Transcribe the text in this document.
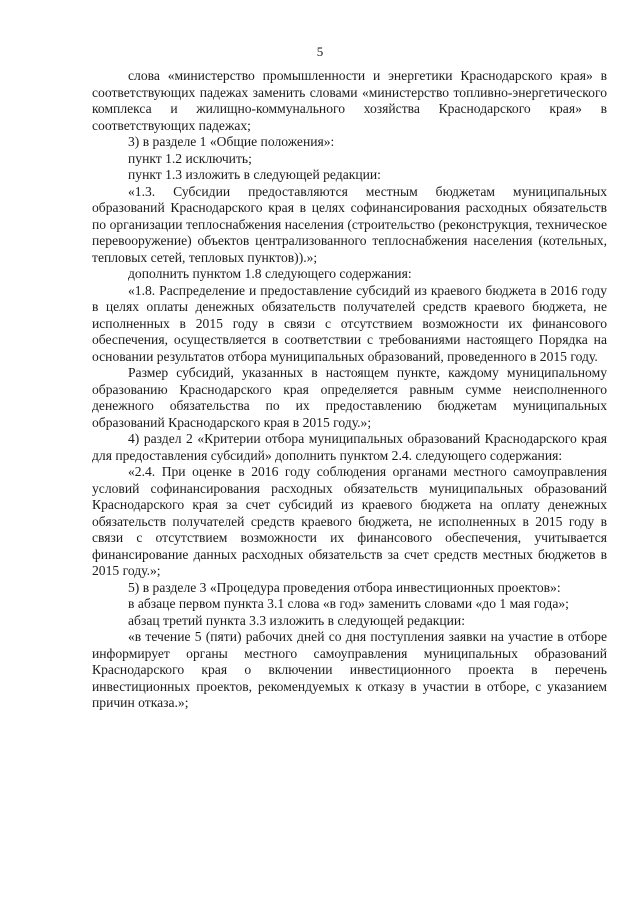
5

слова «министерство промышленности и энергетики Краснодарского края» в соответствующих падежах заменить словами «министерство топливно-энергетического комплекса и жилищно-коммунального хозяйства Краснодарского края» в соответствующих падежах;

3) в разделе 1 «Общие положения»:

пункт 1.2 исключить;

пункт 1.3 изложить в следующей редакции:

«1.3. Субсидии предоставляются местным бюджетам муниципальных образований Краснодарского края в целях софинансирования расходных обязательств по организации теплоснабжения населения (строительство (реконструкция, техническое перевооружение) объектов централизованного теплоснабжения населения (котельных, тепловых сетей, тепловых пунктов)).»;

дополнить пунктом 1.8 следующего содержания:

«1.8. Распределение и предоставление субсидий из краевого бюджета в 2016 году в целях оплаты денежных обязательств получателей средств краевого бюджета, не исполненных в 2015 году в связи с отсутствием возможности их финансового обеспечения, осуществляется в соответствии с требованиями настоящего Порядка на основании результатов отбора муниципальных образований, проведенного в 2015 году.

Размер субсидий, указанных в настоящем пункте, каждому муниципальному образованию Краснодарского края определяется равным сумме неисполненного денежного обязательства по их предоставлению бюджетам муниципальных образований Краснодарского края в 2015 году.»;

4) раздел 2 «Критерии отбора муниципальных образований Краснодарского края для предоставления субсидий» дополнить пунктом 2.4. следующего содержания:

«2.4. При оценке в 2016 году соблюдения органами местного самоуправления условий софинансирования расходных обязательств муниципальных образований Краснодарского края за счет субсидий из краевого бюджета на оплату денежных обязательств получателей средств краевого бюджета, не исполненных в 2015 году в связи с отсутствием возможности их финансового обеспечения, учитывается финансирование данных расходных обязательств за счет средств местных бюджетов в 2015 году.»;

5) в разделе 3 «Процедура проведения отбора инвестиционных проектов»:

в абзаце первом пункта 3.1 слова «в год» заменить словами «до 1 мая года»;

абзац третий пункта 3.3 изложить в следующей редакции:

«в течение 5 (пяти) рабочих дней со дня поступления заявки на участие в отборе информирует органы местного самоуправления муниципальных образований Краснодарского края о включении инвестиционного проекта в перечень инвестиционных проектов, рекомендуемых к отказу в участии в отборе, с указанием причин отказа.»;
